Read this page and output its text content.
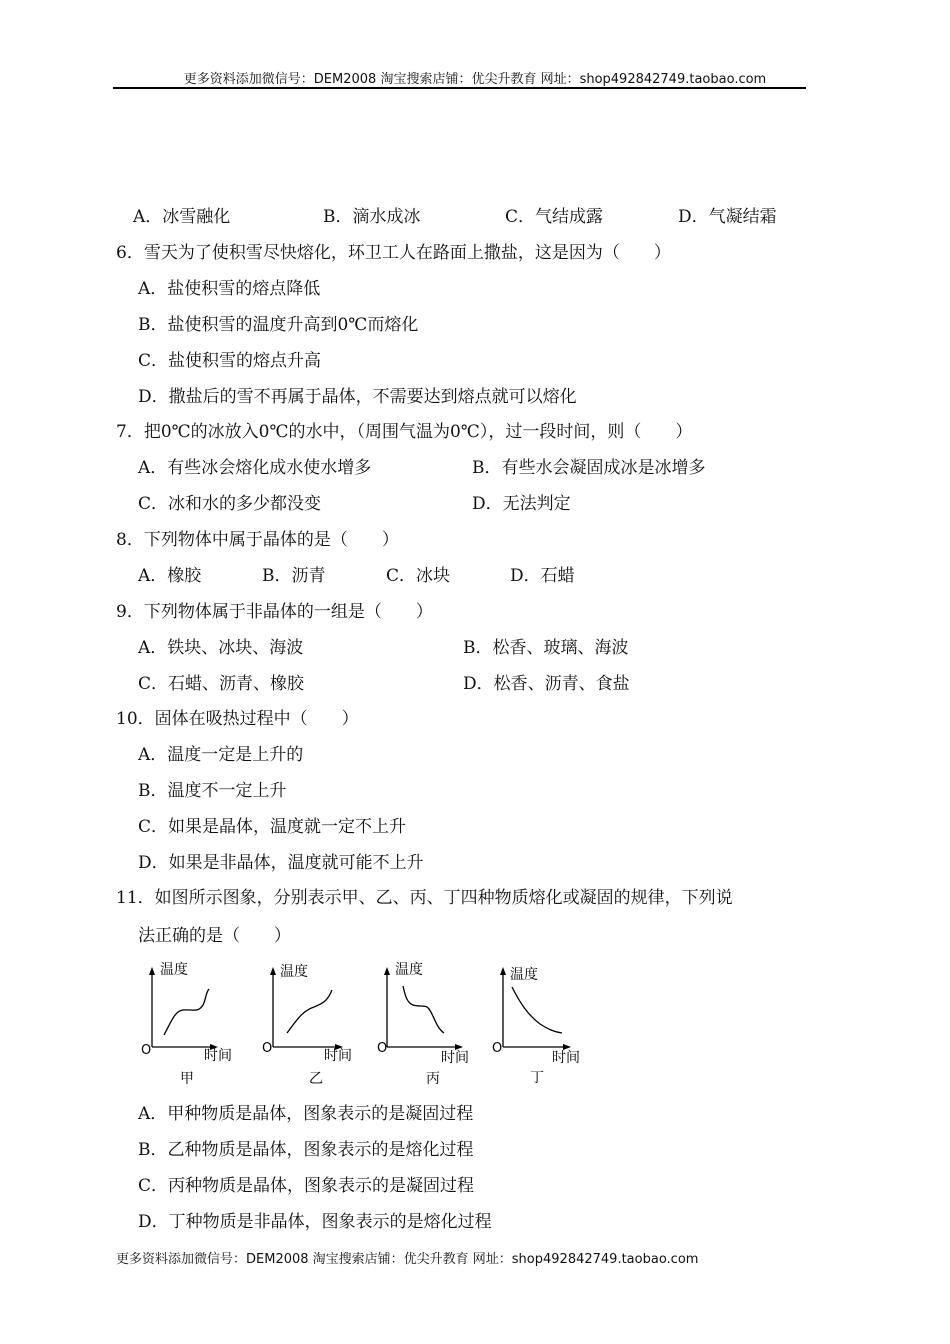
更多资料添加微信号：DEM2008 淘宝搜索店铺：优尖升教育 网址：shop492842749.taobao.com
A．冰雪融化	B．滴水成冰	C．气结成露	D．气凝结霜
6．雪天为了使积雪尽快熔化，环卫工人在路面上撒盐，这是因为（　　）
A．盐使积雪的熔点降低
B．盐使积雪的温度升高到0℃而熔化
C．盐使积雪的熔点升高
D．撒盐后的雪不再属于晶体，不需要达到熔点就可以熔化
7．把0℃的冰放入0℃的水中，（周围气温为0℃），过一段时间，则（　　）
A．有些冰会熔化成水使水增多	B．有些水会凝固成冰是冰增多
C．冰和水的多少都没变	D．无法判定
8．下列物体中属于晶体的是（　　）
A．橡胶	B．沥青	C．冰块	D．石蜡
9．下列物体属于非晶体的一组是（　　）
A．铁块、冰块、海波	B．松香、玻璃、海波
C．石蜡、沥青、橡胶	D．松香、沥青、食盐
10．固体在吸热过程中（　　）
A．温度一定是上升的
B．温度不一定上升
C．如果是晶体，温度就一定不上升
D．如果是非晶体，温度就可能不上升
11．如图所示图象，分别表示甲、乙、丙、丁四种物质熔化或凝固的规律，下列说
法正确的是（　　）
温度
时间
O
甲
温度
时间
O
乙
温度
时间
O
丙
温度
时间
O
丁
A．甲种物质是晶体，图象表示的是凝固过程
B．乙种物质是晶体，图象表示的是熔化过程
C．丙种物质是晶体，图象表示的是凝固过程
D．丁种物质是非晶体，图象表示的是熔化过程
更多资料添加微信号：DEM2008 淘宝搜索店铺：优尖升教育 网址：shop492842749.taobao.com
